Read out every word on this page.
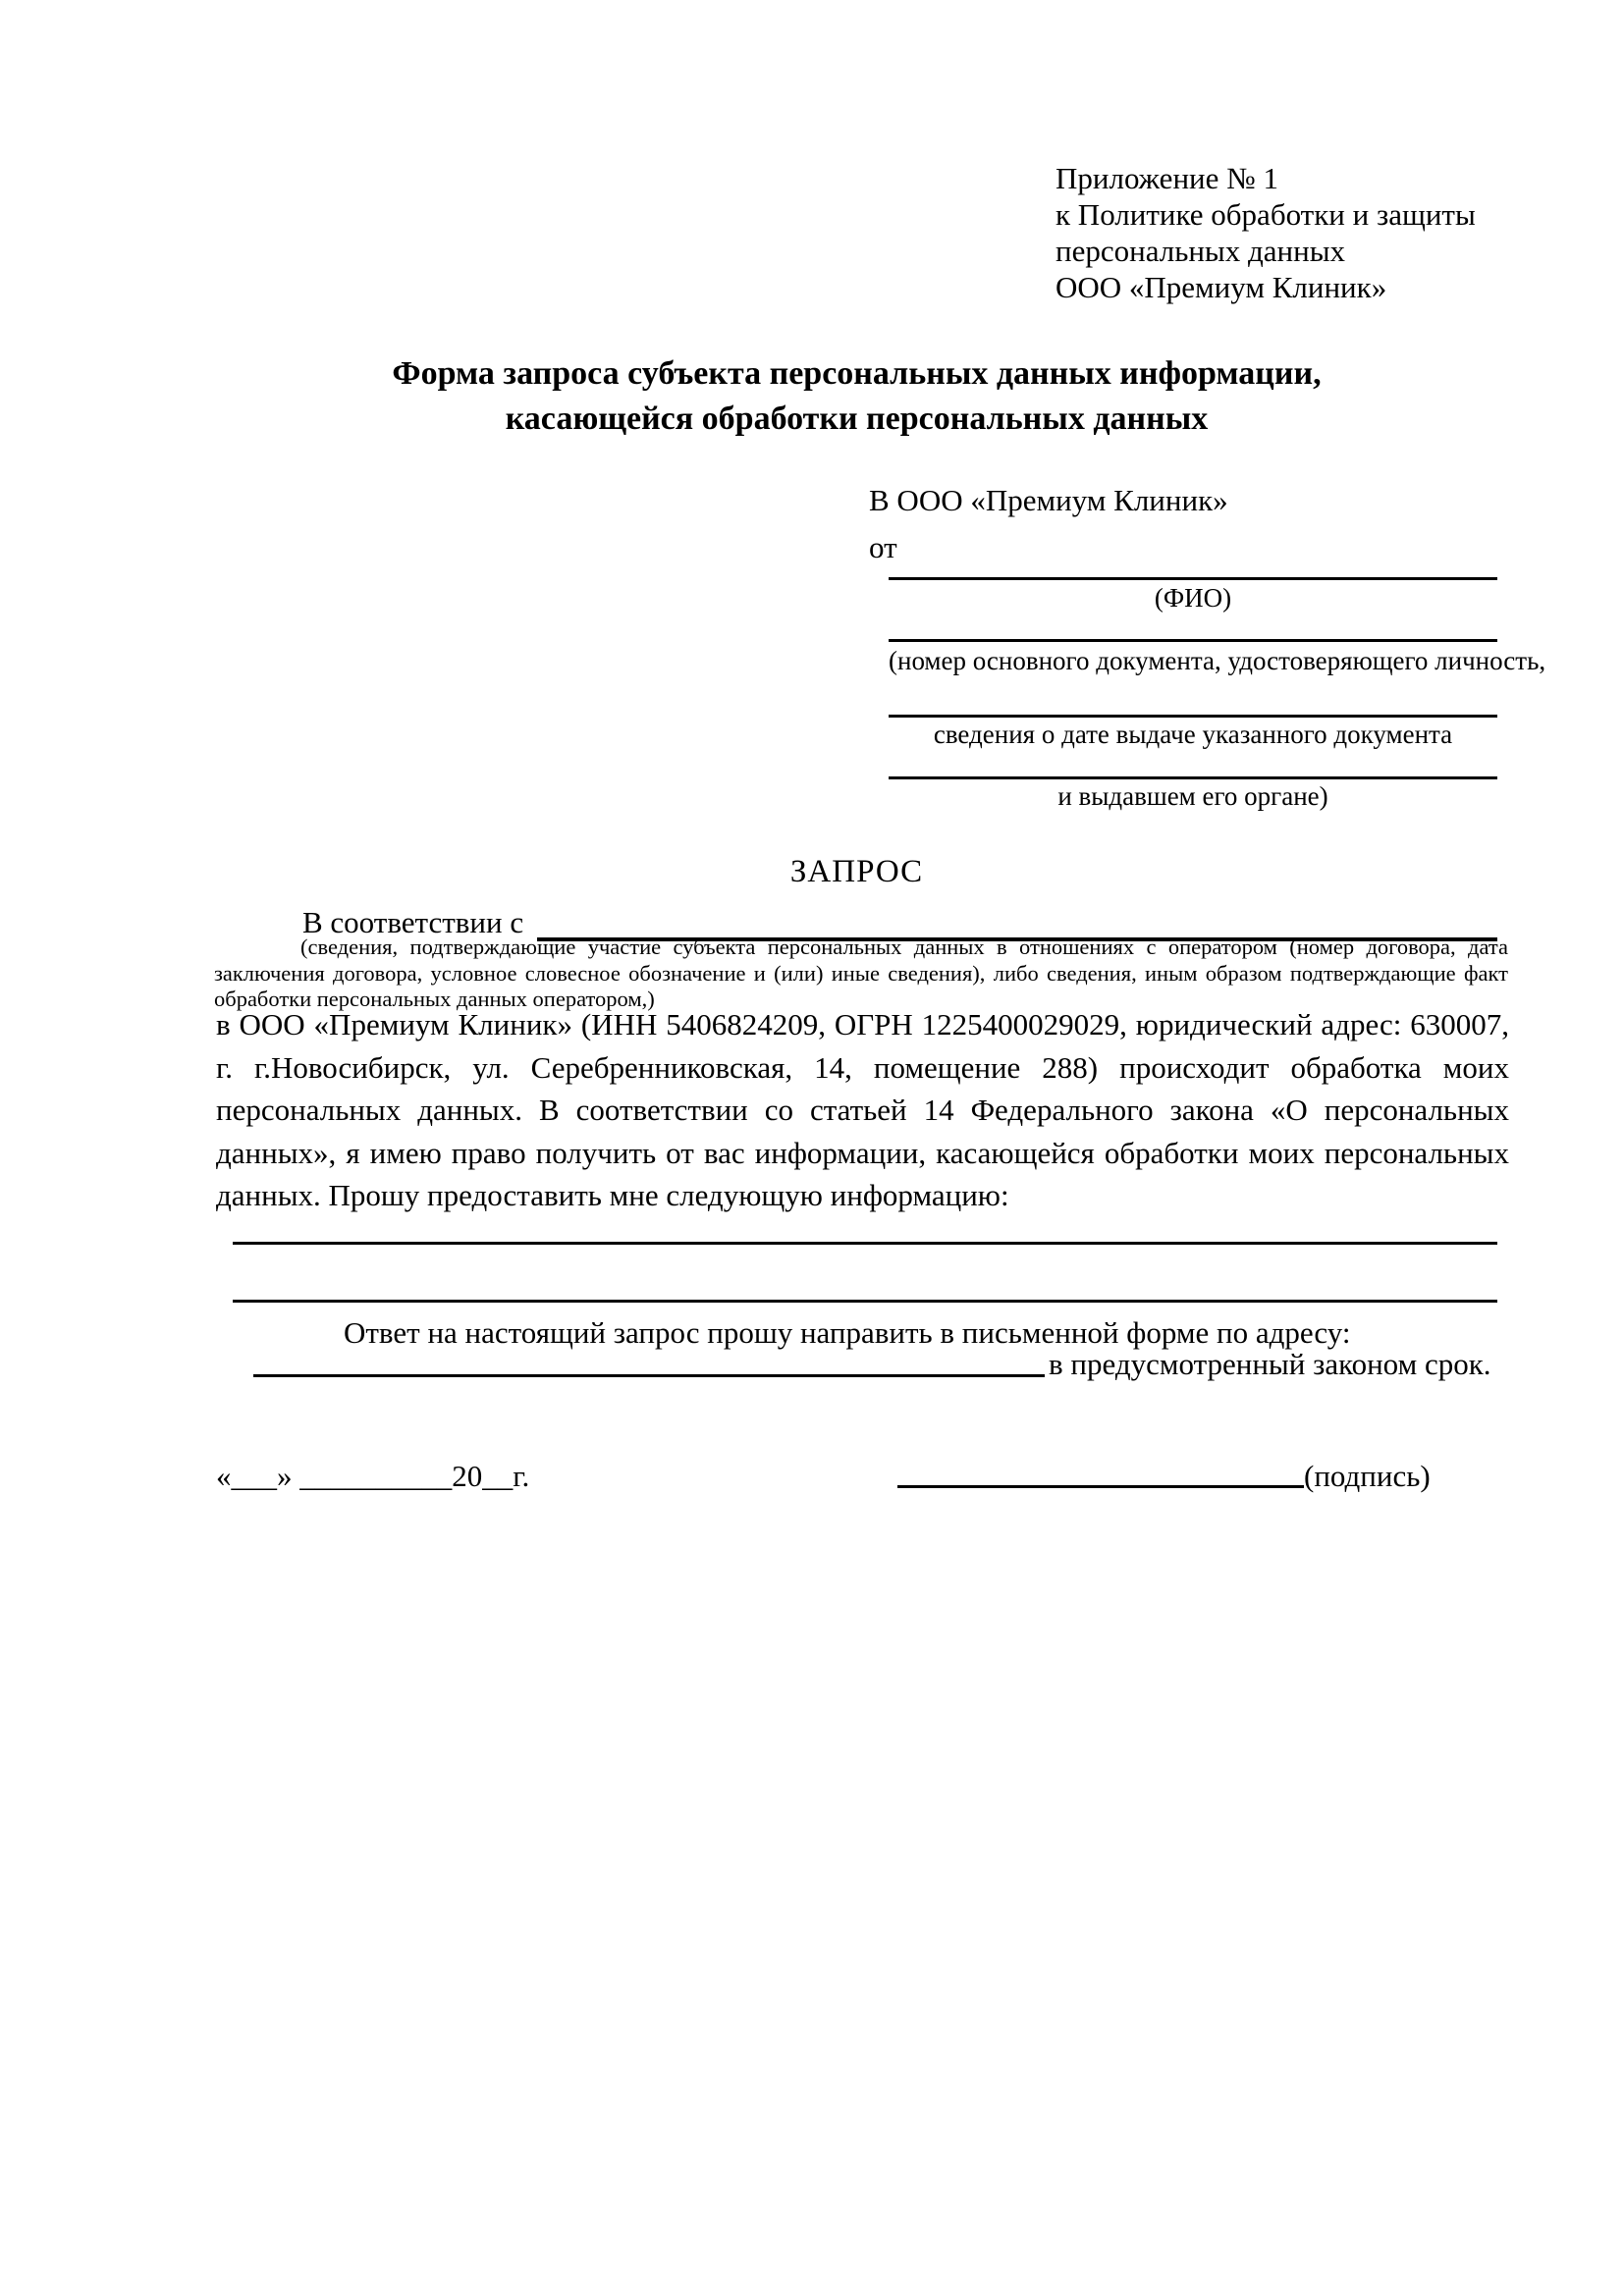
Приложение № 1
к Политике обработки и защиты
персональных данных
ООО «Премиум Клиник»
Форма запроса субъекта персональных данных информации,
касающейся обработки персональных данных
В ООО «Премиум Клиник»
от
(ФИО)
(номер основного документа, удостоверяющего личность,
сведения о дате выдаче указанного документа
и выдавшем его органе)
ЗАПРОС
В соответствии с
(сведения, подтверждающие участие субъекта персональных данных в отношениях с оператором (номер договора, дата заключения договора, условное словесное обозначение и (или) иные сведения), либо сведения, иным образом подтверждающие факт обработки персональных данных оператором,)
в ООО «Премиум Клиник» (ИНН 5406824209, ОГРН 1225400029029, юридический адрес: 630007, г. г.Новосибирск, ул. Серебренниковская, 14, помещение 288) происходит обработка моих персональных данных. В соответствии со статьей 14 Федерального закона «О персональных данных», я имею право получить от вас информации, касающейся обработки моих персональных данных. Прошу предоставить мне следующую информацию:
Ответ на настоящий запрос прошу направить в письменной форме по адресу:
в предусмотренный законом срок.
«___» __________20__г.	(подпись)
